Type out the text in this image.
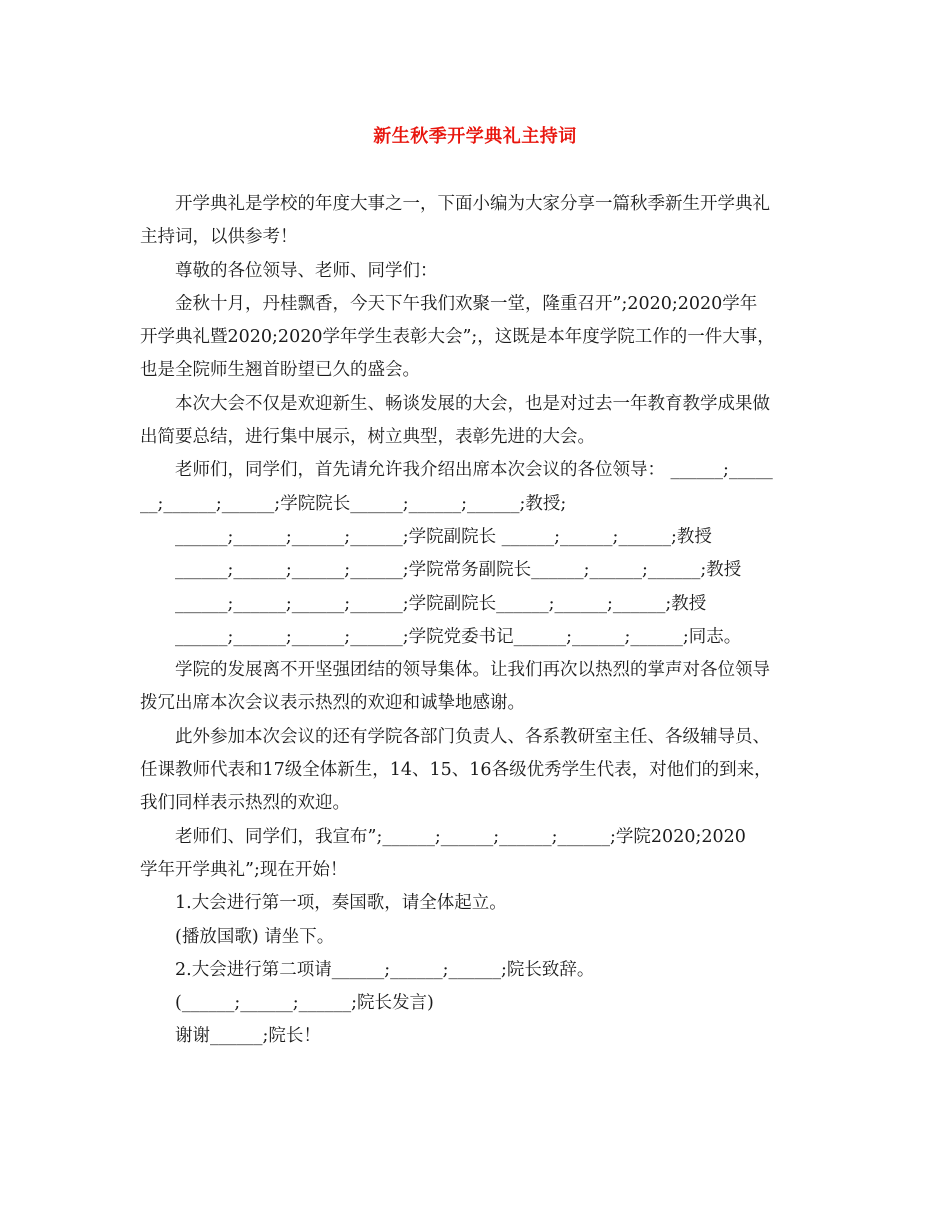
新生秋季开学典礼主持词

开学典礼是学校的年度大事之一，下面小编为大家分享一篇秋季新生开学典礼

主持词，以供参考！

尊敬的各位领导、老师、同学们：

金秋十月，丹桂飘香，今天下午我们欢聚一堂，隆重召开”;2020;2020学年

开学典礼暨2020;2020学年学生表彰大会”;，这既是本年度学院工作的一件大事，

也是全院师生翘首盼望已久的盛会。

本次大会不仅是欢迎新生、畅谈发展的大会，也是对过去一年教育教学成果做

出简要总结，进行集中展示，树立典型，表彰先进的大会。

老师们，同学们，首先请允许我介绍出席本次会议的各位领导： ______;_____

__;______;______;学院院长______;______;______;教授;

______;______;______;______;学院副院长 ______;______;______;教授

______;______;______;______;学院常务副院长______;______;______;教授

______;______;______;______;学院副院长______;______;______;教授

______;______;______;______;学院党委书记______;______;______;同志。

学院的发展离不开坚强团结的领导集体。让我们再次以热烈的掌声对各位领导

拨冗出席本次会议表示热烈的欢迎和诚挚地感谢。

此外参加本次会议的还有学院各部门负责人、各系教研室主任、各级辅导员、

任课教师代表和17级全体新生，14、15、16各级优秀学生代表，对他们的到来，

我们同样表示热烈的欢迎。

老师们、同学们，我宣布”;______;______;______;______;学院2020;2020

学年开学典礼”;现在开始！

1.大会进行第一项，奏国歌，请全体起立。

(播放国歌) 请坐下。

2.大会进行第二项请______;______;______;院长致辞。

(______;______;______;院长发言)

谢谢______;院长！
